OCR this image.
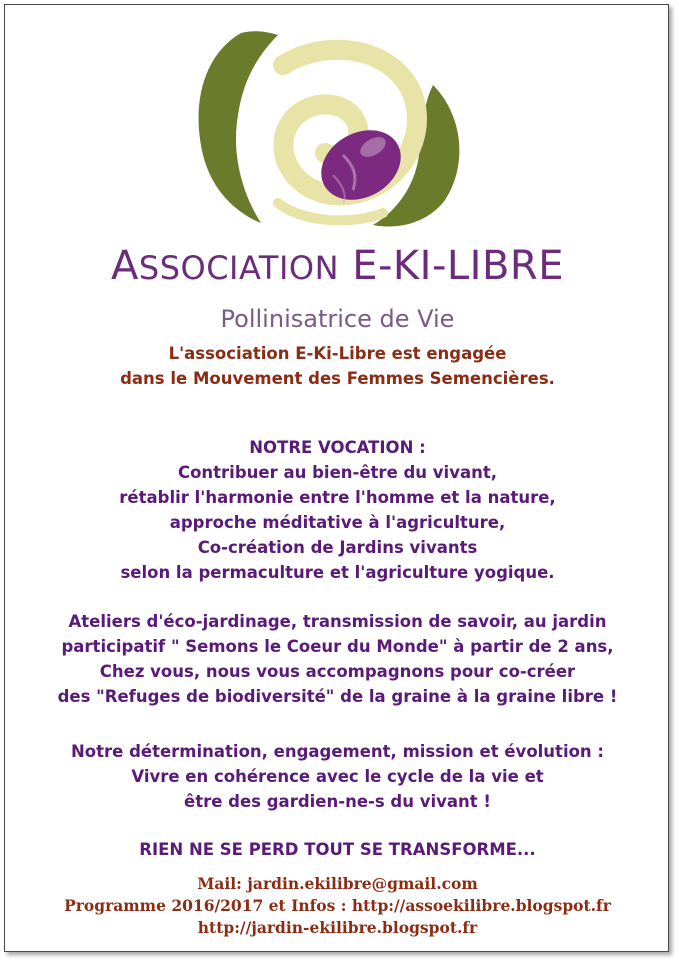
ASSOCIATION E-KI-LIBRE
Pollinisatrice de Vie
L'association E-Ki-Libre est engagée
dans le Mouvement des Femmes Semencières.
NOTRE VOCATION :
Contribuer au bien-être du vivant,
rétablir l'harmonie entre l'homme et la nature,
approche méditative à l'agriculture,
Co-création de Jardins vivants
selon la permaculture et l'agriculture yogique.
Ateliers d'éco-jardinage, transmission de savoir, au jardin
participatif " Semons le Coeur du Monde" à partir de 2 ans,
Chez vous, nous vous accompagnons pour co-créer
des "Refuges de biodiversité" de la graine à la graine libre !
Notre détermination, engagement, mission et évolution :
Vivre en cohérence avec le cycle de la vie et
être des gardien-ne-s du vivant !
RIEN NE SE PERD TOUT SE TRANSFORME...
Mail: jardin.ekilibre@gmail.com
Programme 2016/2017 et Infos : http://assoekilibre.blogspot.fr
http://jardin-ekilibre.blogspot.fr
